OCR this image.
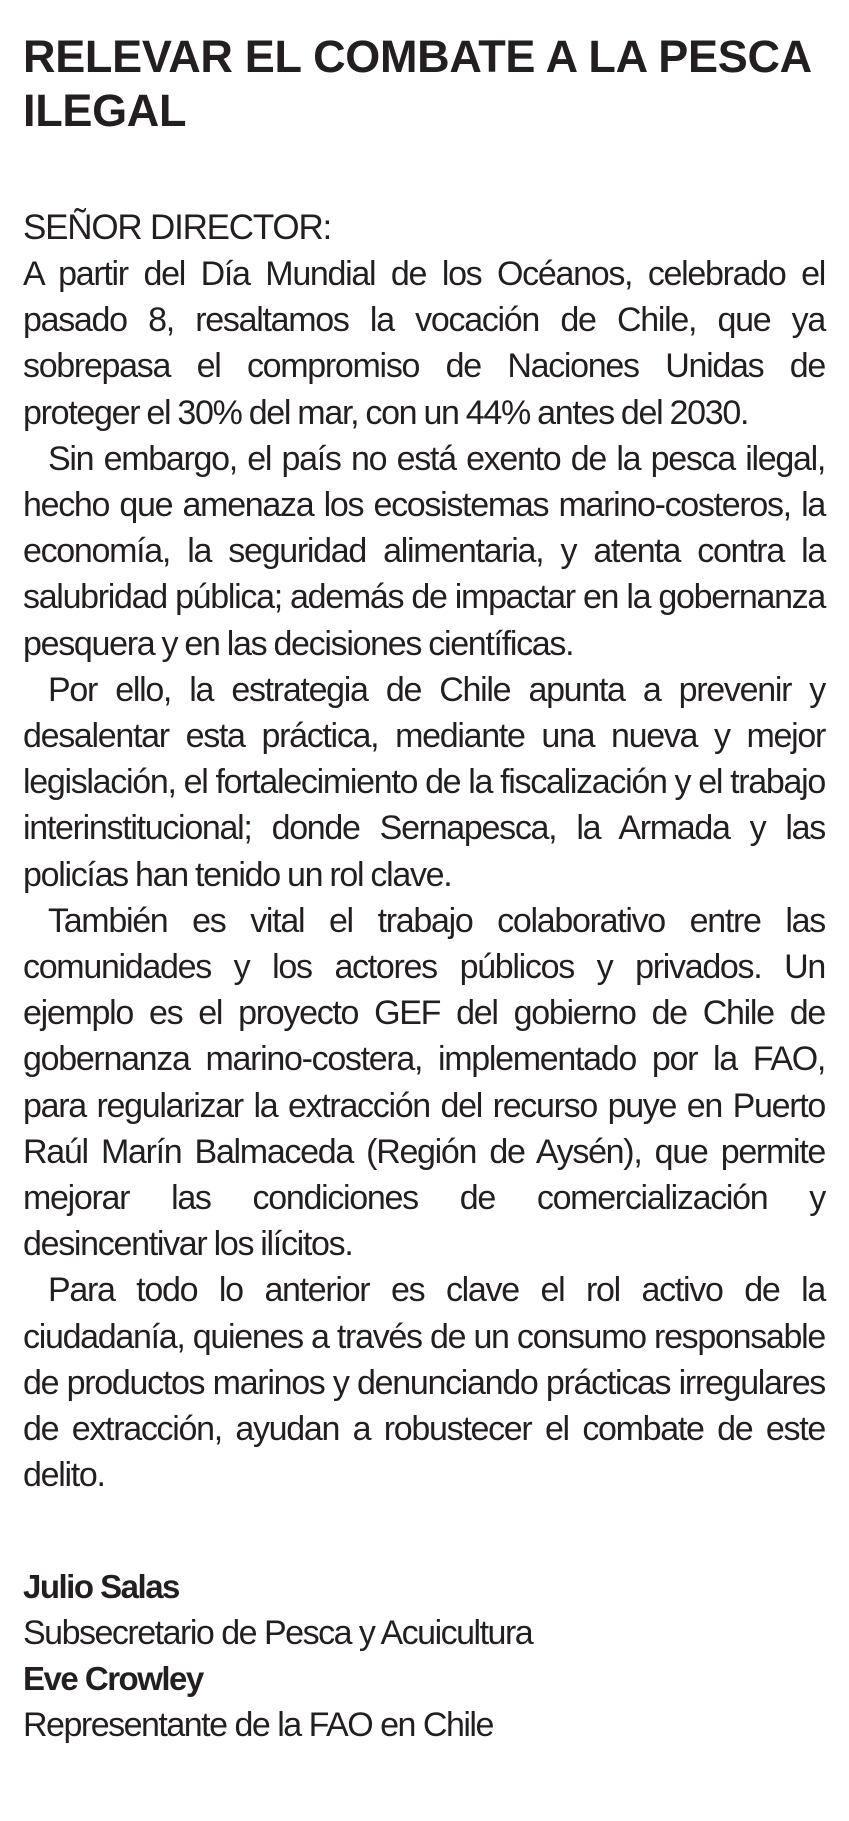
RELEVAR EL COMBATE A LA PESCA ILEGAL

SEÑOR DIRECTOR:

A partir del Día Mundial de los Océanos, celebrado el pasado 8, resaltamos la vocación de Chile, que ya sobrepasa el compromiso de Naciones Unidas de proteger el 30% del mar, con un 44% antes del 2030.

Sin embargo, el país no está exento de la pesca ilegal, hecho que amenaza los ecosistemas marino-costeros, la economía, la seguridad alimentaria, y atenta contra la salubridad pública; además de impactar en la gobernanza pesquera y en las decisiones científicas.

Por ello, la estrategia de Chile apunta a prevenir y desalentar esta práctica, mediante una nueva y mejor legislación, el fortalecimiento de la fiscalización y el trabajo interinstitucional; donde Sernapesca, la Armada y las policías han tenido un rol clave.

También es vital el trabajo colaborativo entre las comunidades y los actores públicos y privados. Un ejemplo es el proyecto GEF del gobierno de Chile de gobernanza marino-costera, implementado por la FAO, para regularizar la extracción del recurso puye en Puerto Raúl Marín Balmaceda (Región de Aysén), que permite mejorar las condiciones de comercialización y desincentivar los ilícitos.

Para todo lo anterior es clave el rol activo de la ciudadanía, quienes a través de un consumo responsable de productos marinos y denunciando prácticas irregulares de extracción, ayudan a robustecer el combate de este delito.

Julio Salas

Subsecretario de Pesca y Acuicultura

Eve Crowley

Representante de la FAO en Chile
